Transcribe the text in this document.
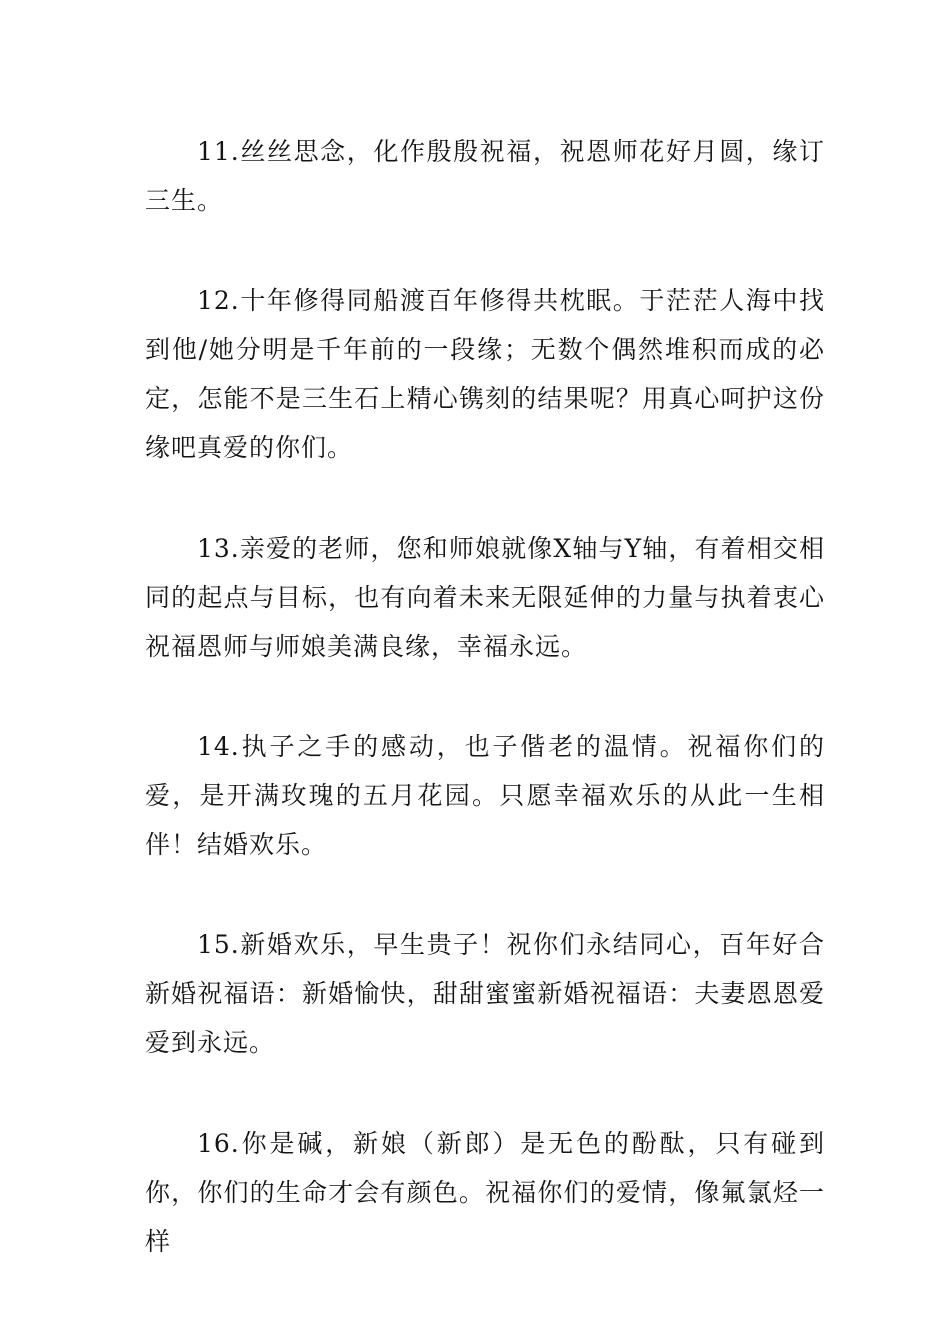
11.丝丝思念，化作殷殷祝福，祝恩师花好月圆，缘订三生。

12.十年修得同船渡百年修得共枕眠。于茫茫人海中找到他/她分明是千年前的一段缘；无数个偶然堆积而成的必定，怎能不是三生石上精心镌刻的结果呢？用真心呵护这份缘吧真爱的你们。

13.亲爱的老师，您和师娘就像X轴与Y轴，有着相交相同的起点与目标，也有向着未来无限延伸的力量与执着衷心祝福恩师与师娘美满良缘，幸福永远。

14.执子之手的感动，也子偕老的温情。祝福你们的爱，是开满玫瑰的五月花园。只愿幸福欢乐的从此一生相伴！结婚欢乐。

15.新婚欢乐，早生贵子！祝你们永结同心，百年好合新婚祝福语：新婚愉快，甜甜蜜蜜新婚祝福语：夫妻恩恩爱爱到永远。

16.你是碱，新娘（新郎）是无色的酚酞，只有碰到你，你们的生命才会有颜色。祝福你们的爱情，像氟氯烃一样
